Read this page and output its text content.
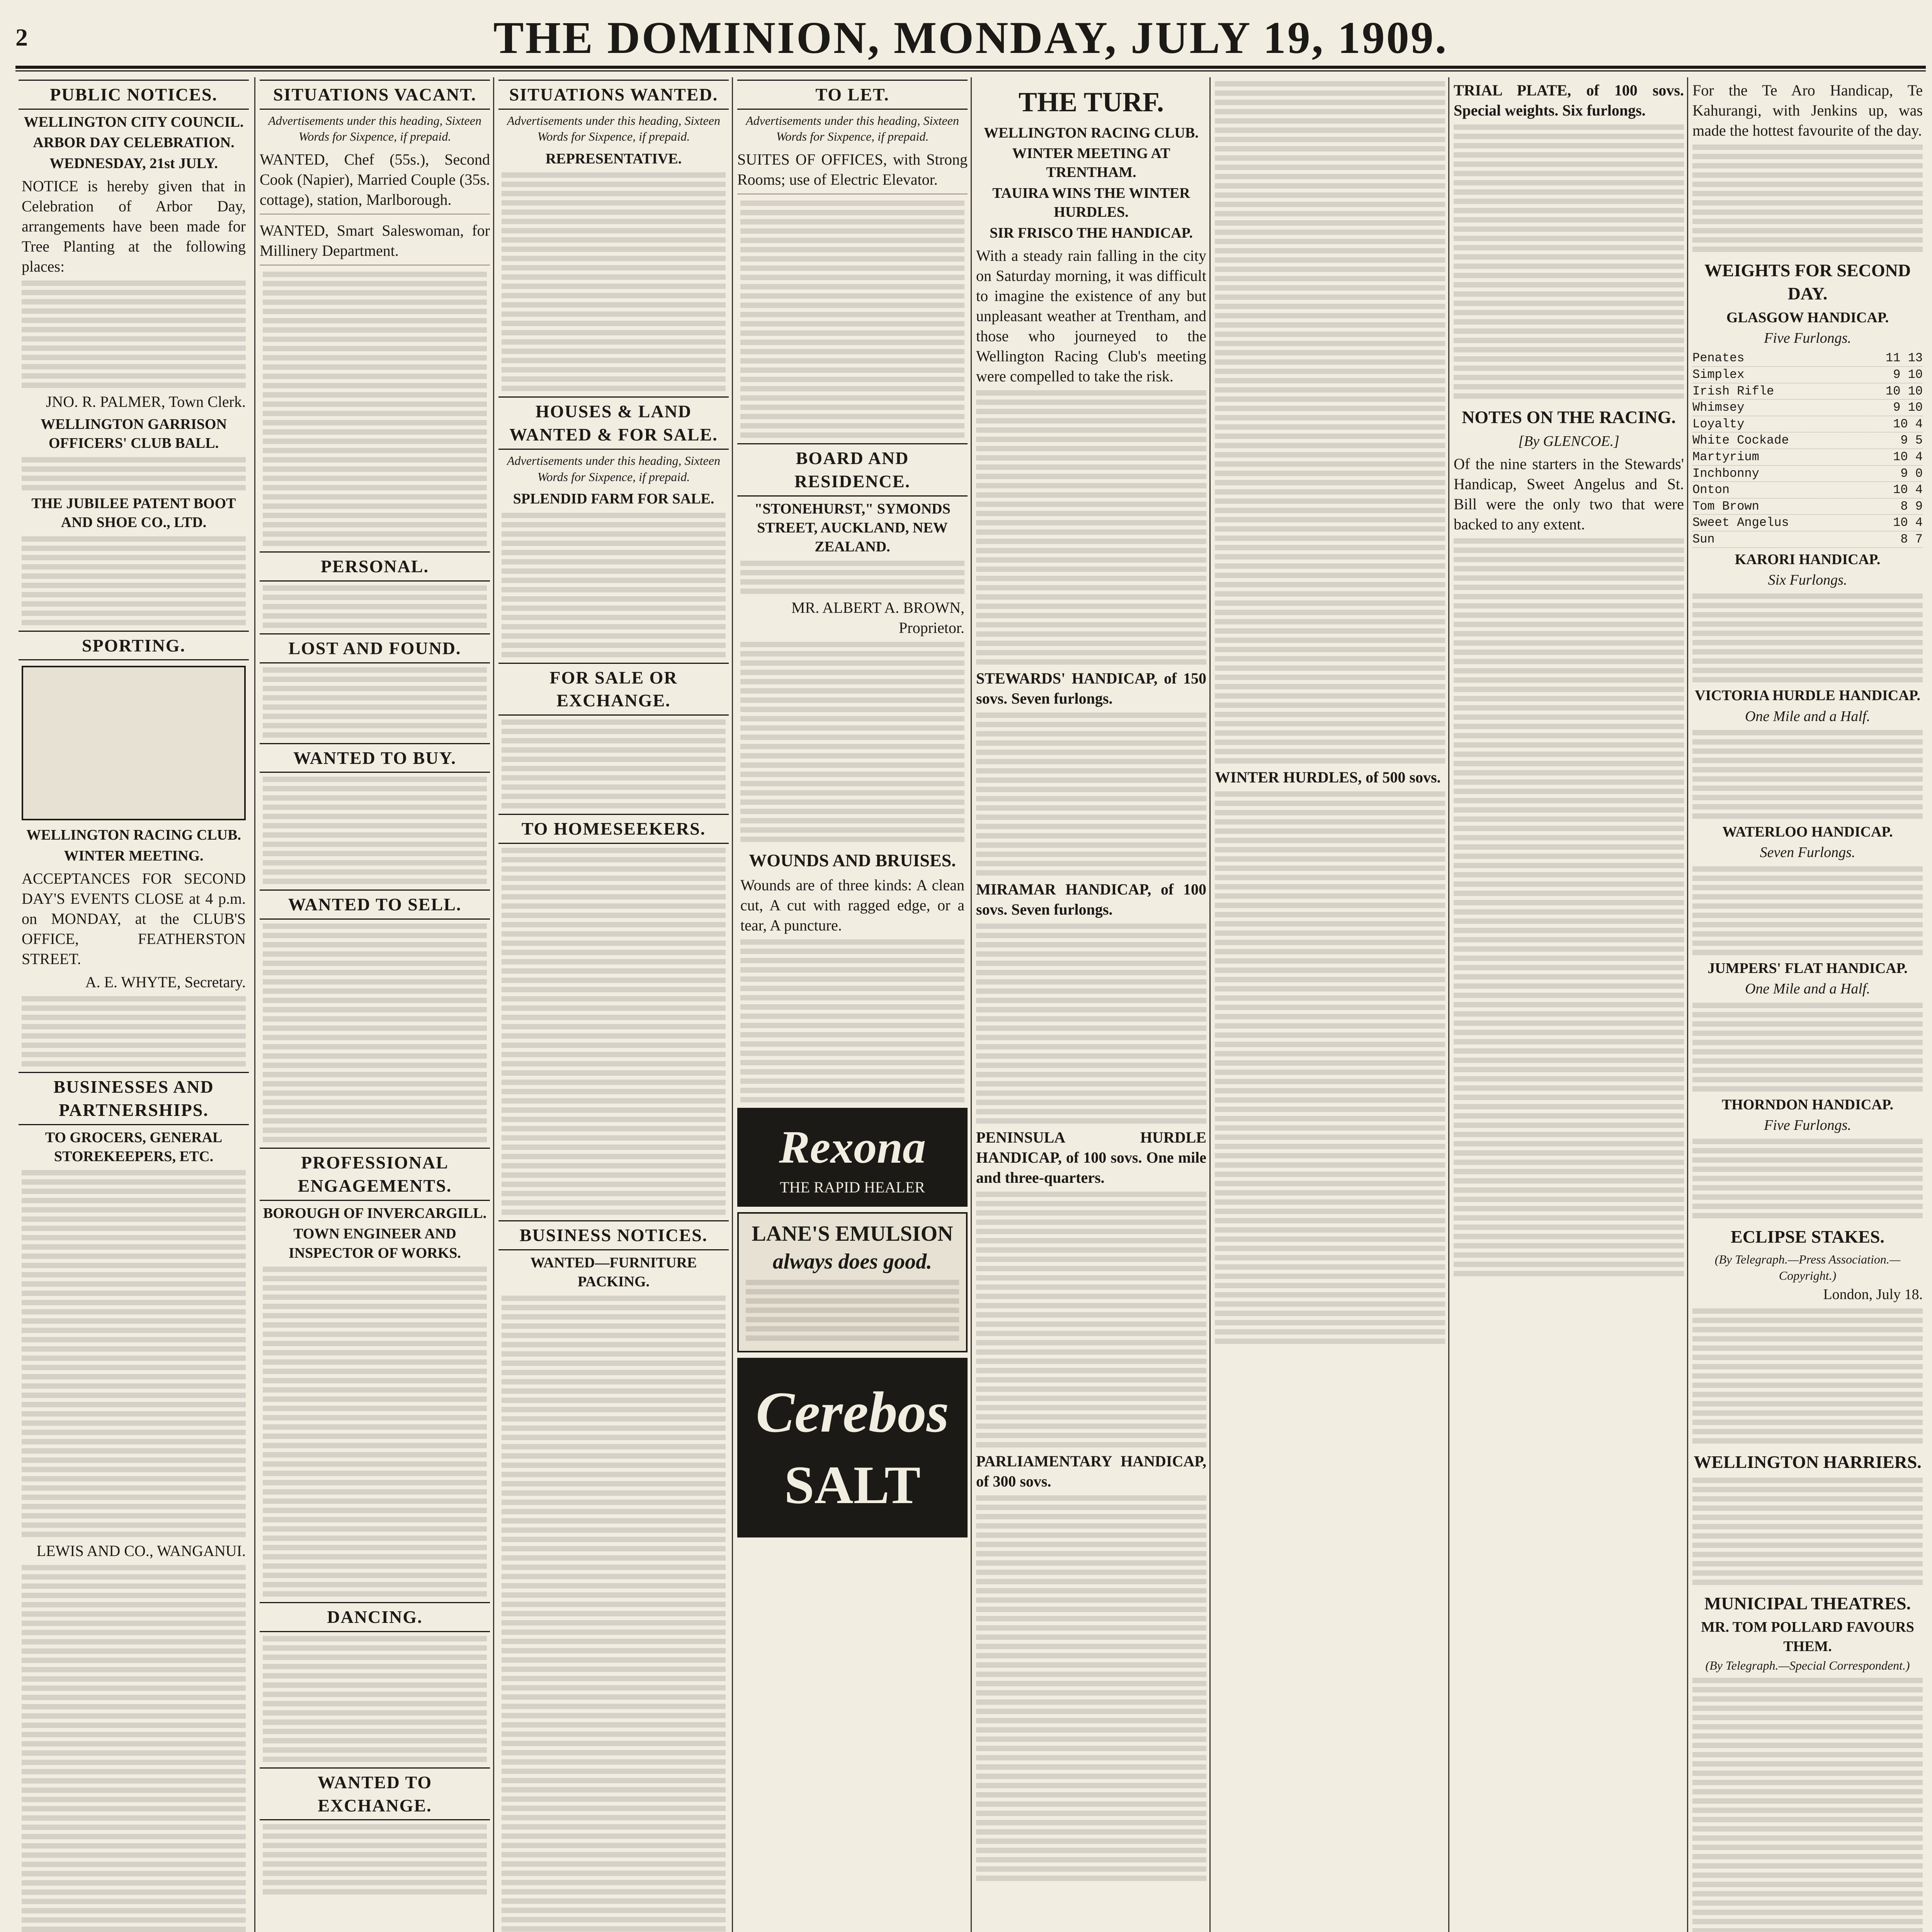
2	THE DOMINION, MONDAY, JULY 19, 1909.
PUBLIC NOTICES.
WELLINGTON CITY COUNCIL.
ARBOR DAY CELEBRATION.
WEDNESDAY, 21st JULY.
NOTICE is hereby given that in Celebration of Arbor Day, arrangements have been made for Tree Planting at the following places:
JNO. R. PALMER, Town Clerk.
WELLINGTON GARRISON OFFICERS' CLUB BALL.
THE JUBILEE PATENT BOOT AND SHOE CO., LTD.
SPORTING.
WELLINGTON RACING CLUB.
WINTER MEETING.
ACCEPTANCES FOR SECOND DAY'S EVENTS CLOSE at 4 p.m. on MONDAY, at the CLUB'S OFFICE, FEATHERSTON STREET.
A. E. WHYTE, Secretary.
BUSINESSES AND PARTNERSHIPS.
TO GROCERS, GENERAL STOREKEEPERS, ETC.
LEWIS AND CO., WANGANUI.
SITUATIONS VACANT.
Advertisements under this heading, Sixteen Words for Sixpence, if prepaid.
WANTED, Chef (55s.), Second Cook (Napier), Married Couple (35s. cottage), station, Marlborough.
WANTED, Smart Saleswoman, for Millinery Department.
PERSONAL.
LOST AND FOUND.
WANTED TO BUY.
WANTED TO SELL.
PROFESSIONAL ENGAGEMENTS.
BOROUGH OF INVERCARGILL.
TOWN ENGINEER AND INSPECTOR OF WORKS.
DANCING.
WANTED TO EXCHANGE.
SITUATIONS WANTED.
Advertisements under this heading, Sixteen Words for Sixpence, if prepaid.
REPRESENTATIVE.
HOUSES & LAND WANTED & FOR SALE.
Advertisements under this heading, Sixteen Words for Sixpence, if prepaid.
SPLENDID FARM FOR SALE.
FOR SALE OR EXCHANGE.
TO HOMESEEKERS.
BUSINESS NOTICES.
WANTED—FURNITURE PACKING.
TO LET.
Advertisements under this heading, Sixteen Words for Sixpence, if prepaid.
SUITES OF OFFICES, with Strong Rooms; use of Electric Elevator.
BOARD AND RESIDENCE.
"STONEHURST," SYMONDS STREET, AUCKLAND, NEW ZEALAND.
MR. ALBERT A. BROWN, Proprietor.
WOUNDS AND BRUISES.
Wounds are of three kinds: A clean cut, A cut with ragged edge, or a tear, A puncture.
Rexona
THE RAPID HEALER
LANE'S EMULSION
always does good.
Cerebos
SALT
THE TURF.
WELLINGTON RACING CLUB.
WINTER MEETING AT TRENTHAM.
TAUIRA WINS THE WINTER HURDLES.
SIR FRISCO THE HANDICAP.
With a steady rain falling in the city on Saturday morning, it was difficult to imagine the existence of any but unpleasant weather at Trentham, and those who journeyed to the Wellington Racing Club's meeting were compelled to take the risk.
STEWARDS' HANDICAP, of 150 sovs. Seven furlongs.
MIRAMAR HANDICAP, of 100 sovs. Seven furlongs.
PENINSULA HURDLE HANDICAP, of 100 sovs. One mile and three-quarters.
PARLIAMENTARY HANDICAP, of 300 sovs.
WINTER HURDLES, of 500 sovs.
TRIAL PLATE, of 100 sovs. Special weights. Six furlongs.
NOTES ON THE RACING.
[By GLENCOE.]
Of the nine starters in the Stewards' Handicap, Sweet Angelus and St. Bill were the only two that were backed to any extent.
For the Te Aro Handicap, Te Kahurangi, with Jenkins up, was made the hottest favourite of the day.
WEIGHTS FOR SECOND DAY.
GLASGOW HANDICAP.
Five Furlongs.
Penates	11 13
Simplex	9 10
Irish Rifle	10 10
Whimsey	9 10
Loyalty	10 4
White Cockade	9 5
Martyrium	10 4
Inchbonny	9 0
Onton	10 4
Tom Brown	8 9
Sweet Angelus	10 4
Sun	8 7
KARORI HANDICAP.
Six Furlongs.
VICTORIA HURDLE HANDICAP.
One Mile and a Half.
WATERLOO HANDICAP.
Seven Furlongs.
JUMPERS' FLAT HANDICAP.
One Mile and a Half.
THORNDON HANDICAP.
Five Furlongs.
ECLIPSE STAKES.
(By Telegraph.—Press Association.—Copyright.)
London, July 18.
WELLINGTON HARRIERS.
MUNICIPAL THEATRES.
MR. TOM POLLARD FAVOURS THEM.
(By Telegraph.—Special Correspondent.)
